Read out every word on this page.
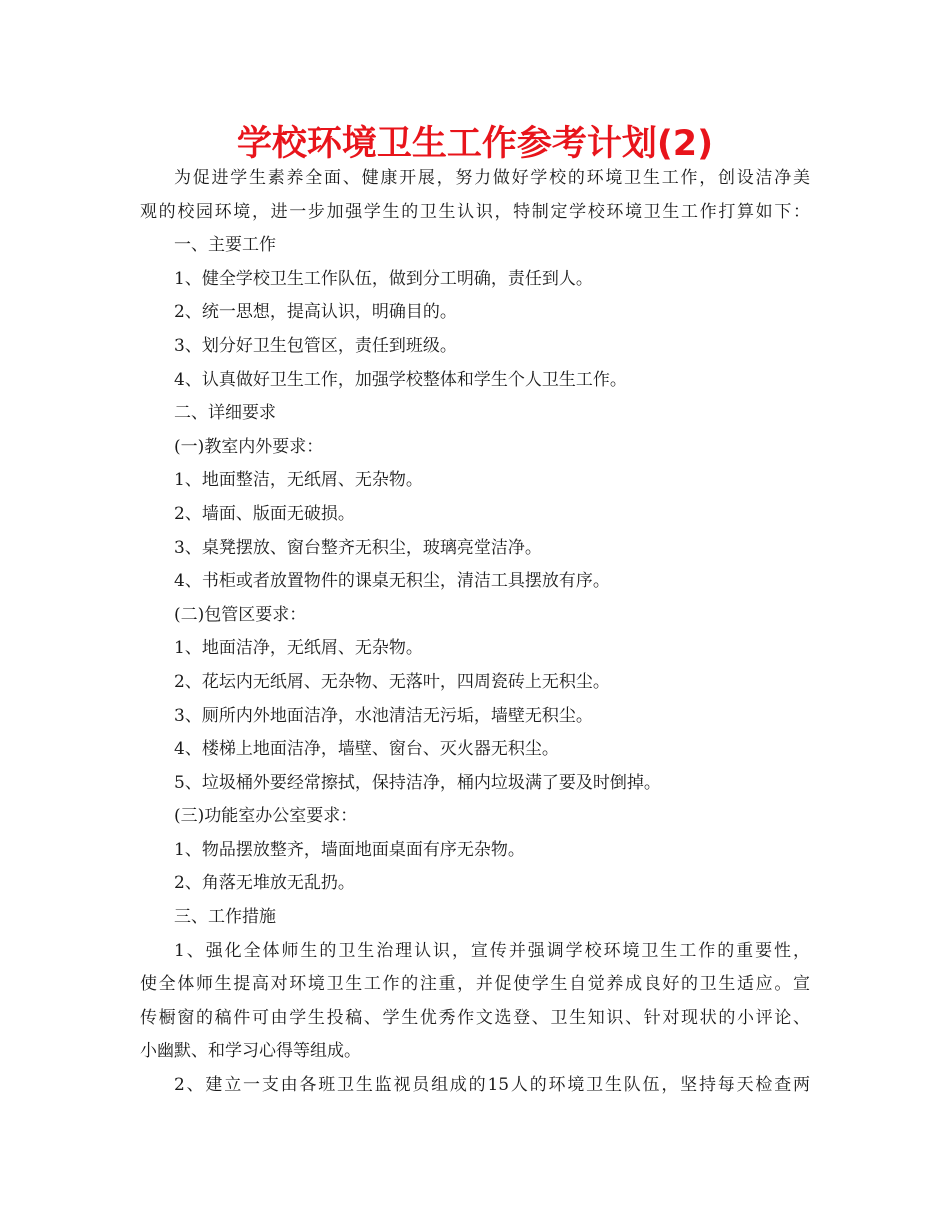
学校环境卫生工作参考计划(2)

为促进学生素养全面、健康开展，努力做好学校的环境卫生工作，创设洁净美

观的校园环境，进一步加强学生的卫生认识，特制定学校环境卫生工作打算如下：

一、主要工作

1、健全学校卫生工作队伍，做到分工明确，责任到人。

2、统一思想，提高认识，明确目的。

3、划分好卫生包管区，责任到班级。

4、认真做好卫生工作，加强学校整体和学生个人卫生工作。

二、详细要求

(一)教室内外要求：

1、地面整洁，无纸屑、无杂物。

2、墙面、版面无破损。

3、桌凳摆放、窗台整齐无积尘，玻璃亮堂洁净。

4、书柜或者放置物件的课桌无积尘，清洁工具摆放有序。

(二)包管区要求：

1、地面洁净，无纸屑、无杂物。

2、花坛内无纸屑、无杂物、无落叶，四周瓷砖上无积尘。

3、厕所内外地面洁净，水池清洁无污垢，墙壁无积尘。

4、楼梯上地面洁净，墙壁、窗台、灭火器无积尘。

5、垃圾桶外要经常擦拭，保持洁净，桶内垃圾满了要及时倒掉。

(三)功能室办公室要求：

1、物品摆放整齐，墙面地面桌面有序无杂物。

2、角落无堆放无乱扔。

三、工作措施

1、强化全体师生的卫生治理认识，宣传并强调学校环境卫生工作的重要性，

使全体师生提高对环境卫生工作的注重，并促使学生自觉养成良好的卫生适应。宣

传橱窗的稿件可由学生投稿、学生优秀作文选登、卫生知识、针对现状的小评论、

小幽默、和学习心得等组成。

2、建立一支由各班卫生监视员组成的15人的环境卫生队伍，坚持每天检查两
